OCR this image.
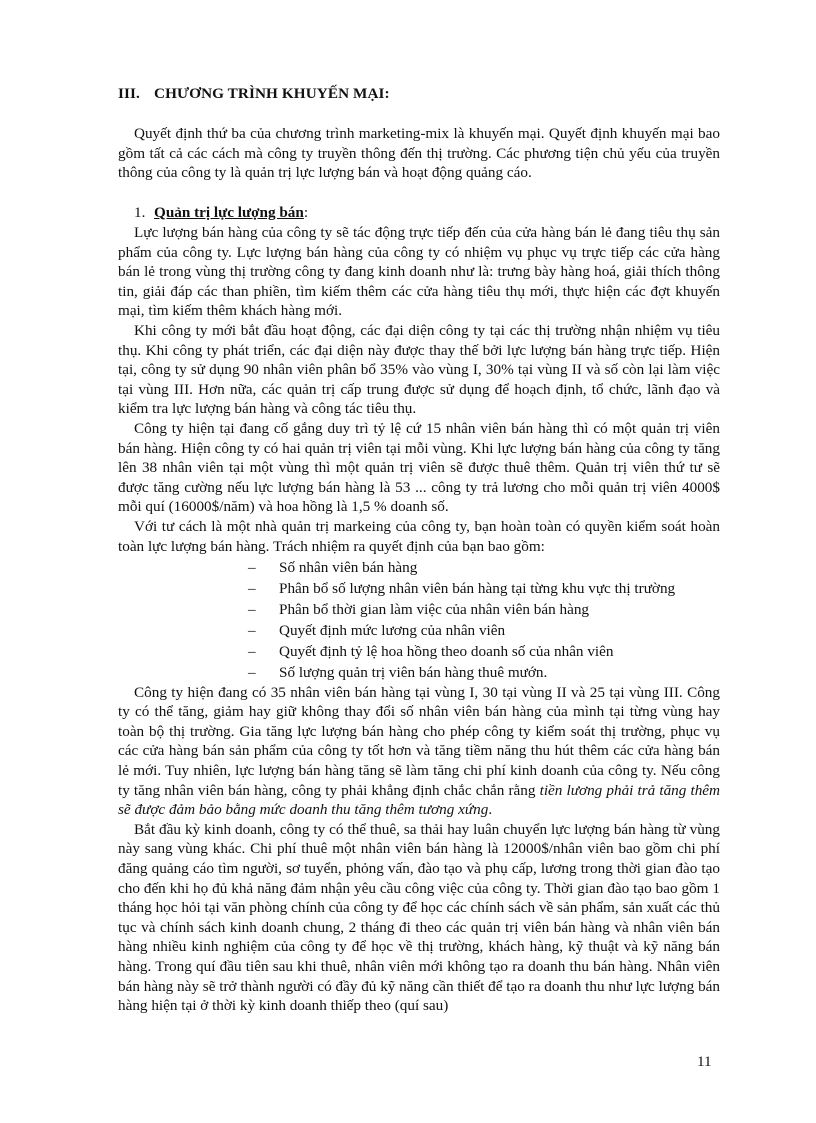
III. CHƯƠNG TRÌNH KHUYẾN MẠI:

Quyết định thứ ba của chương trình marketing-mix là khuyến mại. Quyết định khuyến mại bao gồm tất cả các cách mà công ty truyền thông đến thị trường. Các phương tiện chủ yếu của truyền thông của công ty là quản trị lực lượng bán và hoạt động quảng cáo.

1. Quản trị lực lượng bán:

Lực lượng bán hàng của công ty sẽ tác động trực tiếp đến của cửa hàng bán lẻ đang tiêu thụ sản phẩm của công ty. Lực lượng bán hàng của công ty có nhiệm vụ phục vụ trực tiếp các cửa hàng bán lẻ trong vùng thị trường công ty đang kinh doanh như là: trưng bày hàng hoá, giải thích thông tin, giải đáp các than phiền, tìm kiếm thêm các cửa hàng tiêu thụ mới, thực hiện các đợt khuyến mại, tìm kiếm thêm khách hàng mới.

Khi công ty mới bắt đầu hoạt động, các đại diện công ty tại các thị trường nhận nhiệm vụ tiêu thụ. Khi công ty phát triển, các đại diện này được thay thế bởi lực lượng bán hàng trực tiếp. Hiện tại, công ty sử dụng 90 nhân viên phân bổ 35% vào vùng I, 30% tại vùng II và số còn lại làm việc tại vùng III. Hơn nữa, các quản trị cấp trung được sử dụng để hoạch định, tổ chức, lãnh đạo và kiểm tra lực lượng bán hàng và công tác tiêu thụ.

Công ty hiện tại đang cố gắng duy trì tỷ lệ cứ 15 nhân viên bán hàng thì có một quản trị viên bán hàng. Hiện công ty có hai quản trị viên tại mỗi vùng. Khi lực lượng bán hàng của công ty tăng lên 38 nhân viên tại một vùng thì một quản trị viên sẽ được thuê thêm. Quản trị viên thứ tư sẽ được tăng cường nếu lực lượng bán hàng là 53 ... công ty trả lương cho mỗi quản trị viên 4000$ mỗi quí (16000$/năm) và hoa hồng là 1,5 % doanh số.

Với tư cách là một nhà quản trị markeing của công ty, bạn hoàn toàn có quyền kiểm soát hoàn toàn lực lượng bán hàng. Trách nhiệm ra quyết định của bạn bao gồm:

– Số nhân viên bán hàng
– Phân bổ số lượng nhân viên bán hàng tại từng khu vực thị trường
– Phân bổ thời gian làm việc của nhân viên bán hàng
– Quyết định mức lương của nhân viên
– Quyết định tỷ lệ hoa hồng theo doanh số của nhân viên
– Số lượng quản trị viên bán hàng thuê mướn.

Công ty hiện đang có 35 nhân viên bán hàng tại vùng I, 30 tại vùng II và 25 tại vùng III. Công ty có thể tăng, giảm hay giữ không thay đổi số nhân viên bán hàng của mình tại từng vùng hay toàn bộ thị trường. Gia tăng lực lượng bán hàng cho phép công ty kiểm soát thị trường, phục vụ các cửa hàng bán sản phẩm của công ty tốt hơn và tăng tiềm năng thu hút thêm các cửa hàng bán lẻ mới. Tuy nhiên, lực lượng bán hàng tăng sẽ làm tăng chi phí kinh doanh của công ty. Nếu công ty tăng nhân viên bán hàng, công ty phải khẳng định chắc chắn rằng tiền lương phải trả tăng thêm sẽ được đảm bảo bằng mức doanh thu tăng thêm tương xứng.

Bắt đầu kỳ kinh doanh, công ty có thể thuê, sa thải hay luân chuyển lực lượng bán hàng từ vùng này sang vùng khác. Chi phí thuê một nhân viên bán hàng là 12000$/nhân viên bao gồm chi phí đăng quảng cáo tìm người, sơ tuyển, phỏng vấn, đào tạo và phụ cấp, lương trong thời gian đào tạo cho đến khi họ đủ khả năng đảm nhận yêu cầu công việc của công ty. Thời gian đào tạo bao gồm 1 tháng học hỏi tại văn phòng chính của công ty để học các chính sách về sản phẩm, sản xuất các thủ tục và chính sách kinh doanh chung, 2 tháng đi theo các quản trị viên bán hàng và nhân viên bán hàng nhiều kinh nghiệm của công ty để học về thị trường, khách hàng, kỹ thuật và kỹ năng bán hàng. Trong quí đầu tiên sau khi thuê, nhân viên mới không tạo ra doanh thu bán hàng. Nhân viên bán hàng này sẽ trở thành người có đầy đủ kỹ năng cần thiết để tạo ra doanh thu như lực lượng bán hàng hiện tại ở thời kỳ kinh doanh thiếp theo (quí sau)

11
